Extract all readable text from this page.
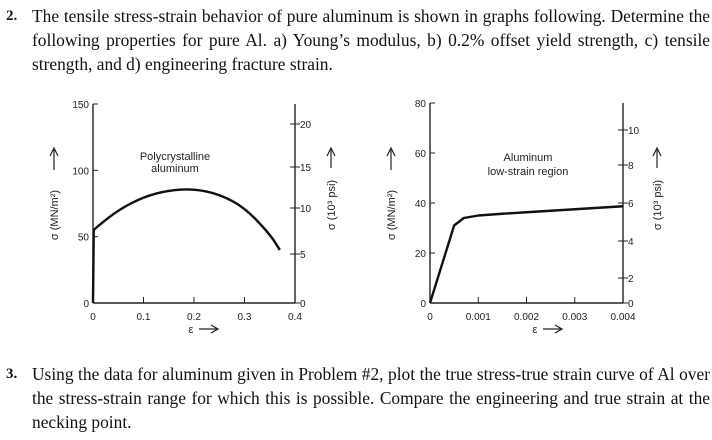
2. The tensile stress-strain behavior of pure aluminum is shown in graphs following. Determine the following properties for pure Al. a) Young’s modulus, b) 0.2% offset yield strength, c) tensile strength, and d) engineering fracture strain.
0	0.1	0.2	0.3	0.4
0
50
100
150
0
5
10
15
20
Polycrystalline
aluminum
σ (MN/m²)	σ (10³ psi)
ε
0	0.001 0.002 0.003 0.004
0
20
40
60
80
0
2
4
6
8
10
Aluminum
low-strain region
σ (MN/m²)	σ (10³ psi)
ε
3. Using the data for aluminum given in Problem #2, plot the true stress-true strain curve of Al over the stress-strain range for which this is possible. Compare the engineering and true strain at the necking point.
